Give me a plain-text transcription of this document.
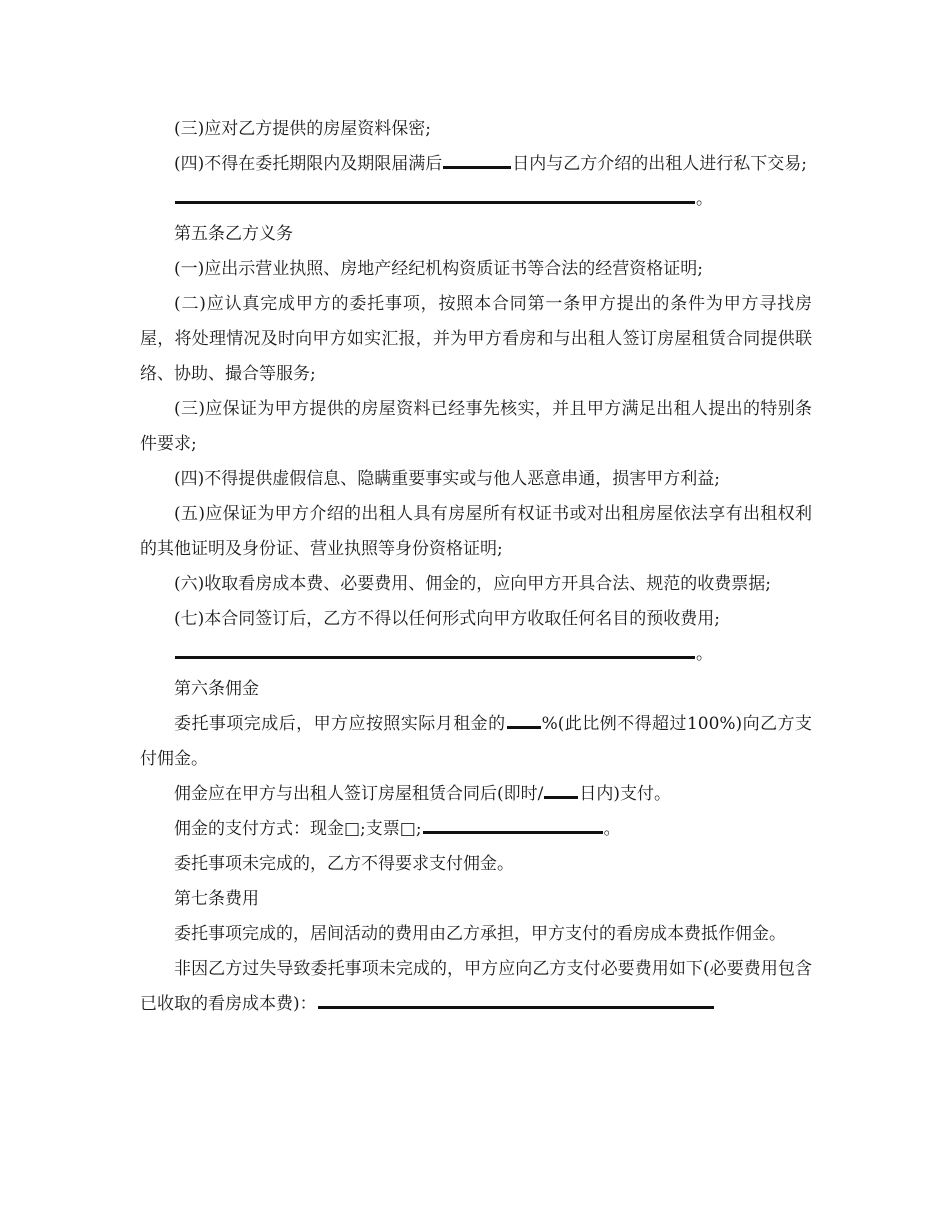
(三)应对乙方提供的房屋资料保密;

(四)不得在委托期限内及期限届满后	日内与乙方介绍的出租人进行私下交易;

。

第五条乙方义务

(一)应出示营业执照、房地产经纪机构资质证书等合法的经营资格证明;

(二)应认真完成甲方的委托事项，按照本合同第一条甲方提出的条件为甲方寻找房屋，将处理情况及时向甲方如实汇报，并为甲方看房和与出租人签订房屋租赁合同提供联络、协助、撮合等服务;

(三)应保证为甲方提供的房屋资料已经事先核实，并且甲方满足出租人提出的特别条件要求;

(四)不得提供虚假信息、隐瞒重要事实或与他人恶意串通，损害甲方利益;

(五)应保证为甲方介绍的出租人具有房屋所有权证书或对出租房屋依法享有出租权利的其他证明及身份证、营业执照等身份资格证明;

(六)收取看房成本费、必要费用、佣金的，应向甲方开具合法、规范的收费票据;

(七)本合同签订后，乙方不得以任何形式向甲方收取任何名目的预收费用;

。

第六条佣金

委托事项完成后，甲方应按照实际月租金的 %(此比例不得超过100%)向乙方支付佣金。

佣金应在甲方与出租人签订房屋租赁合同后(即时/ 日内)支付。

佣金的支付方式：现金□;支票□;	。

委托事项未完成的，乙方不得要求支付佣金。

第七条费用

委托事项完成的，居间活动的费用由乙方承担，甲方支付的看房成本费抵作佣金。

非因乙方过失导致委托事项未完成的，甲方应向乙方支付必要费用如下(必要费用包含已收取的看房成本费)：
